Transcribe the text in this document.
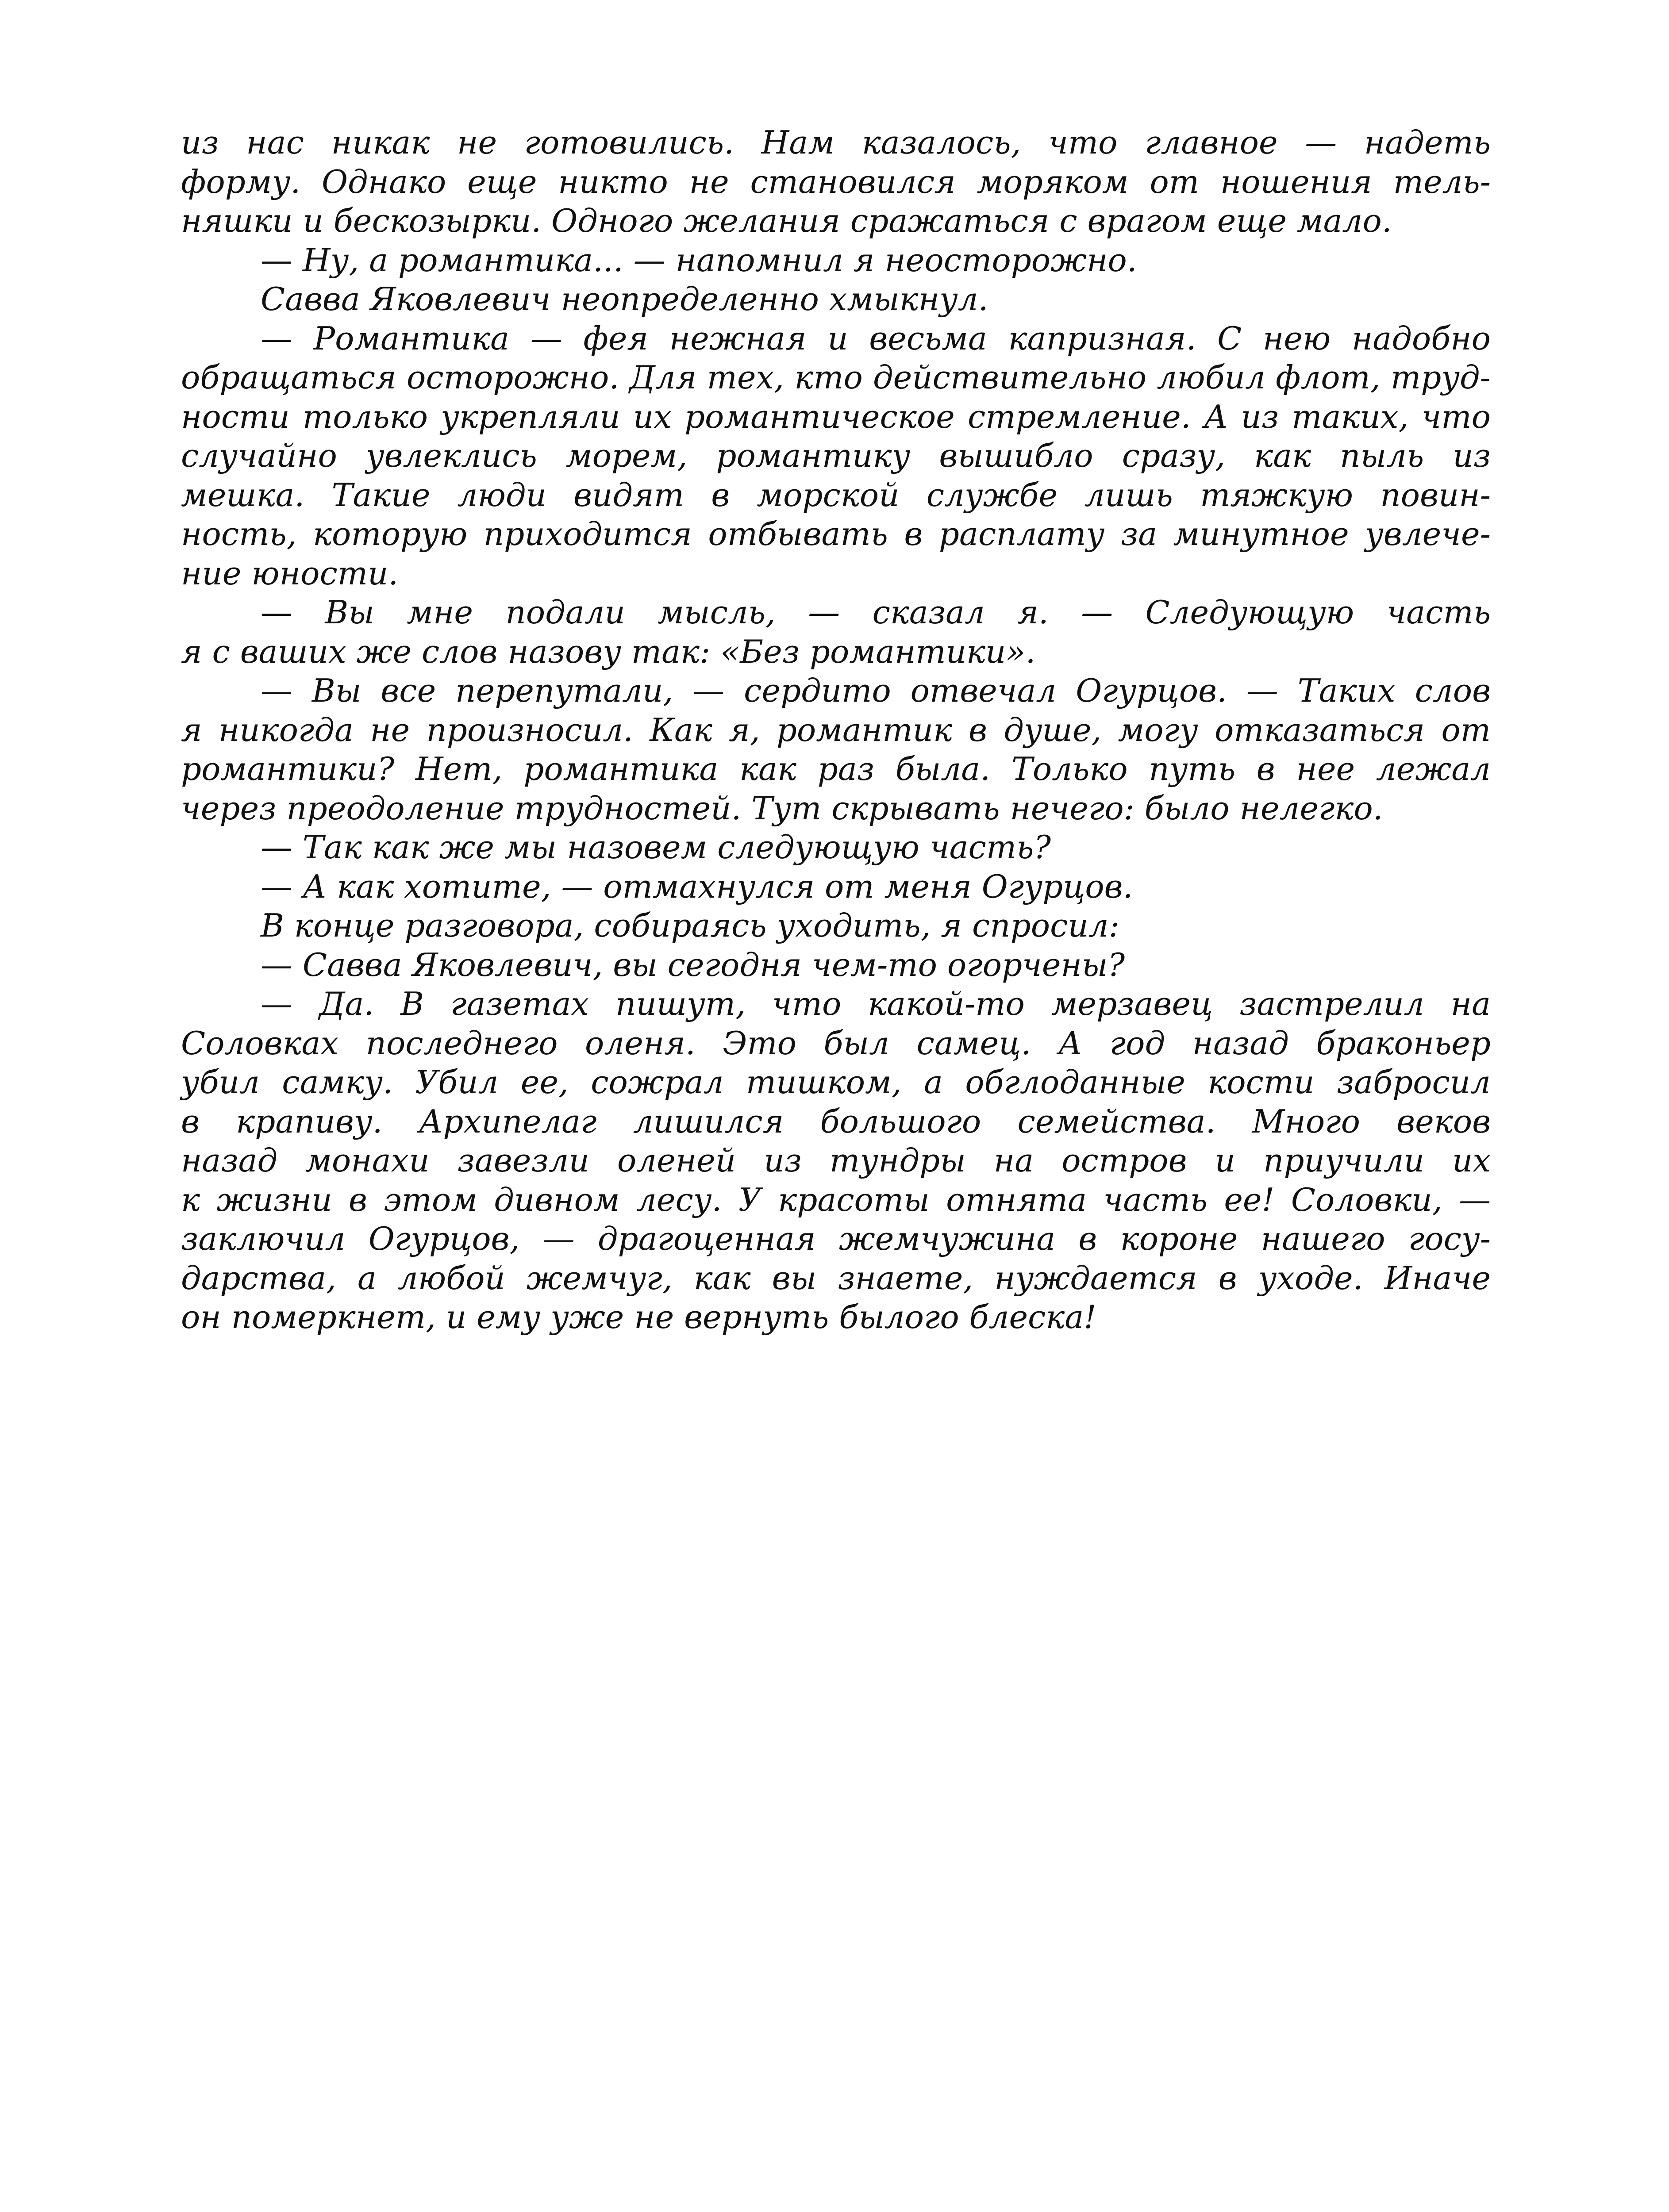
из нас никак не готовились. Нам казалось, что главное — надеть
форму. Однако еще никто не становился моряком от ношения тель-
няшки и бескозырки. Одного желания сражаться с врагом еще мало.
— Ну, а романтика... — напомнил я неосторожно.
Савва Яковлевич неопределенно хмыкнул.
— Романтика — фея нежная и весьма капризная. С нею надобно
обращаться осторожно. Для тех, кто действительно любил флот, труд-
ности только укрепляли их романтическое стремление. А из таких, что
случайно увлеклись морем, романтику вышибло сразу, как пыль из
мешка. Такие люди видят в морской службе лишь тяжкую повин-
ность, которую приходится отбывать в расплату за минутное увлече-
ние юности.
— Вы мне подали мысль, — сказал я. — Следующую часть
я с ваших же слов назову так: «Без романтики».
— Вы все перепутали, — сердито отвечал Огурцов. — Таких слов
я никогда не произносил. Как я, романтик в душе, могу отказаться от
романтики? Нет, романтика как раз была. Только путь в нее лежал
через преодоление трудностей. Тут скрывать нечего: было нелегко.
— Так как же мы назовем следующую часть?
— А как хотите, — отмахнулся от меня Огурцов.
В конце разговора, собираясь уходить, я спросил:
— Савва Яковлевич, вы сегодня чем-то огорчены?
— Да. В газетах пишут, что какой-то мерзавец застрелил на
Соловках последнего оленя. Это был самец. А год назад браконьер
убил самку. Убил ее, сожрал тишком, а обглоданные кости забросил
в крапиву. Архипелаг лишился большого семейства. Много веков
назад монахи завезли оленей из тундры на остров и приучили их
к жизни в этом дивном лесу. У красоты отнята часть ее! Соловки, —
заключил Огурцов, — драгоценная жемчужина в короне нашего госу-
дарства, а любой жемчуг, как вы знаете, нуждается в уходе. Иначе
он померкнет, и ему уже не вернуть былого блеска!
